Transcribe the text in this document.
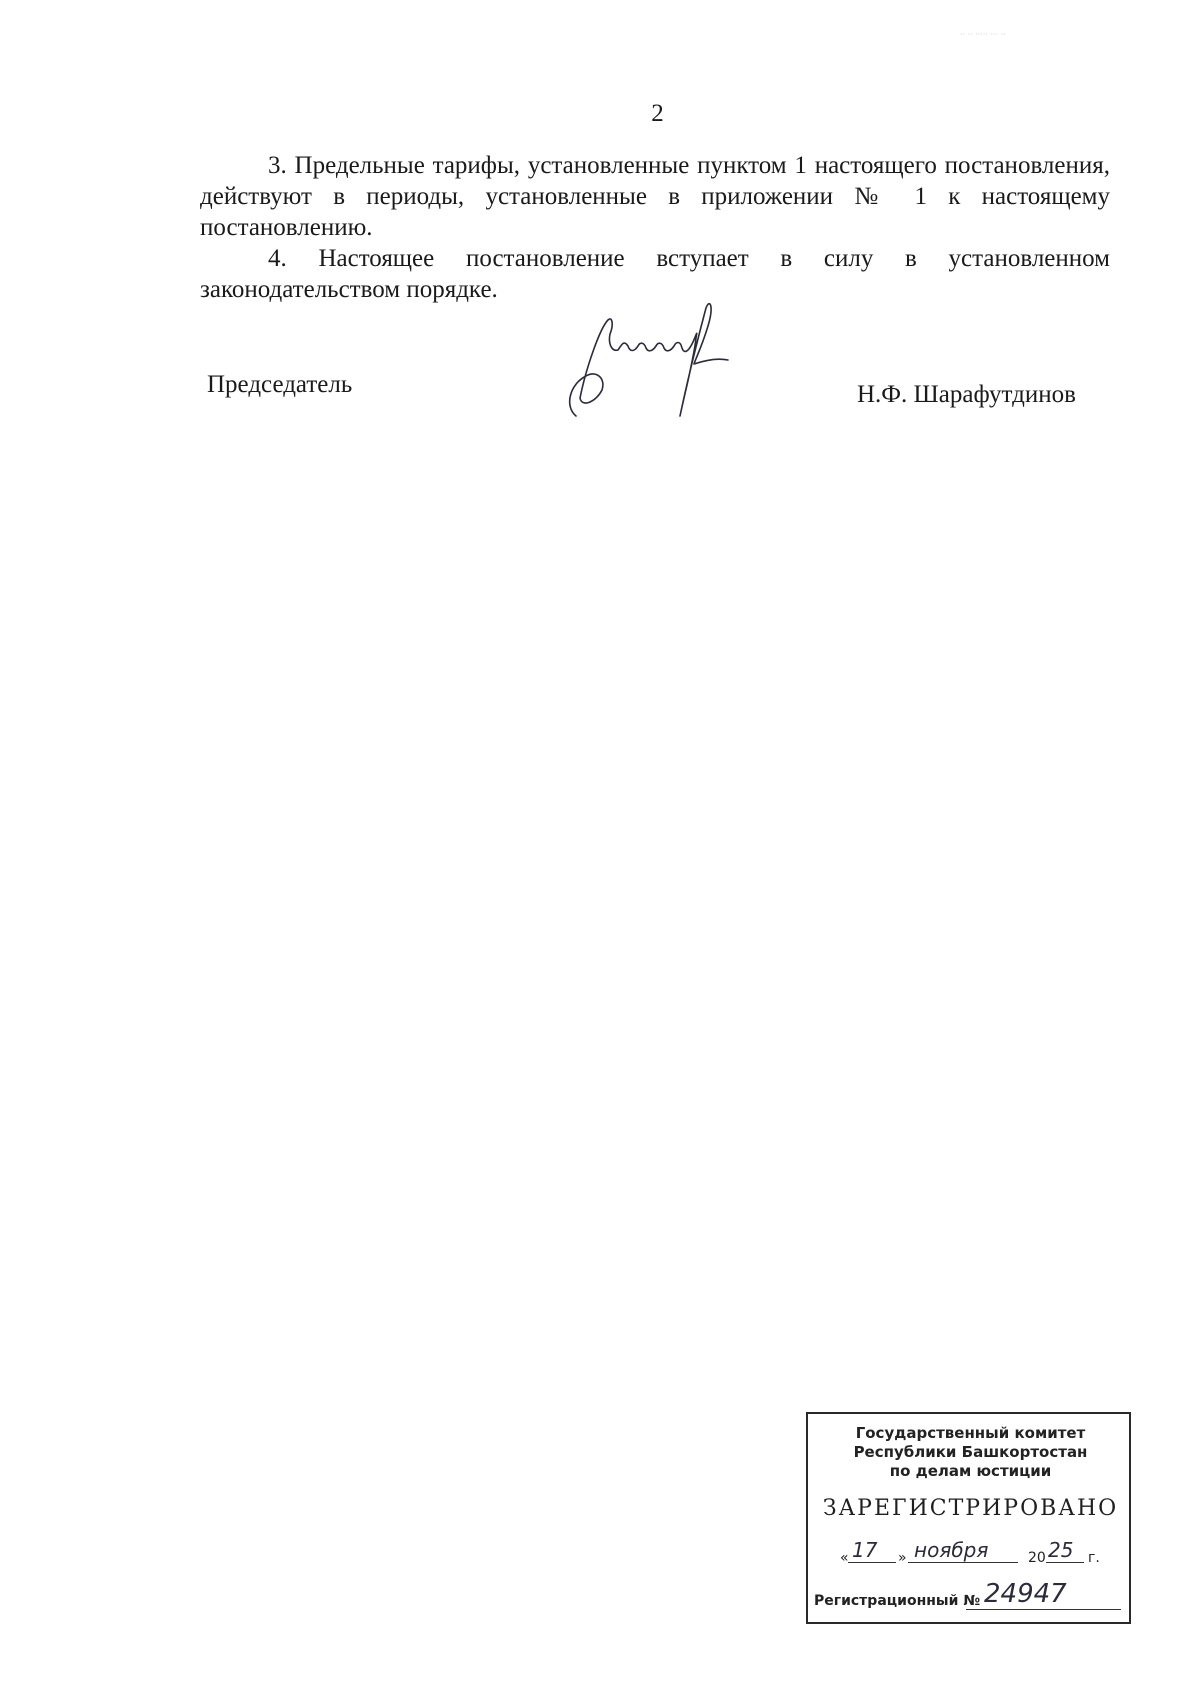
·· ·· ····· ··· ··
2

3. Предельные тарифы, установленные пунктом 1 настоящего постановления, действуют в периоды, установленные в приложении № 1 к настоящему постановлению.

4. Настоящее постановление вступает в силу в установленном законодательством порядке.

Председатель	Н.Ф. Шарафутдинов
Государственный комитет
Республики Башкортостан
по делам юстиции
ЗАРЕГИСТРИРОВАНО
« 17 » ноября	20 25 г.
Регистрационный № 24947
